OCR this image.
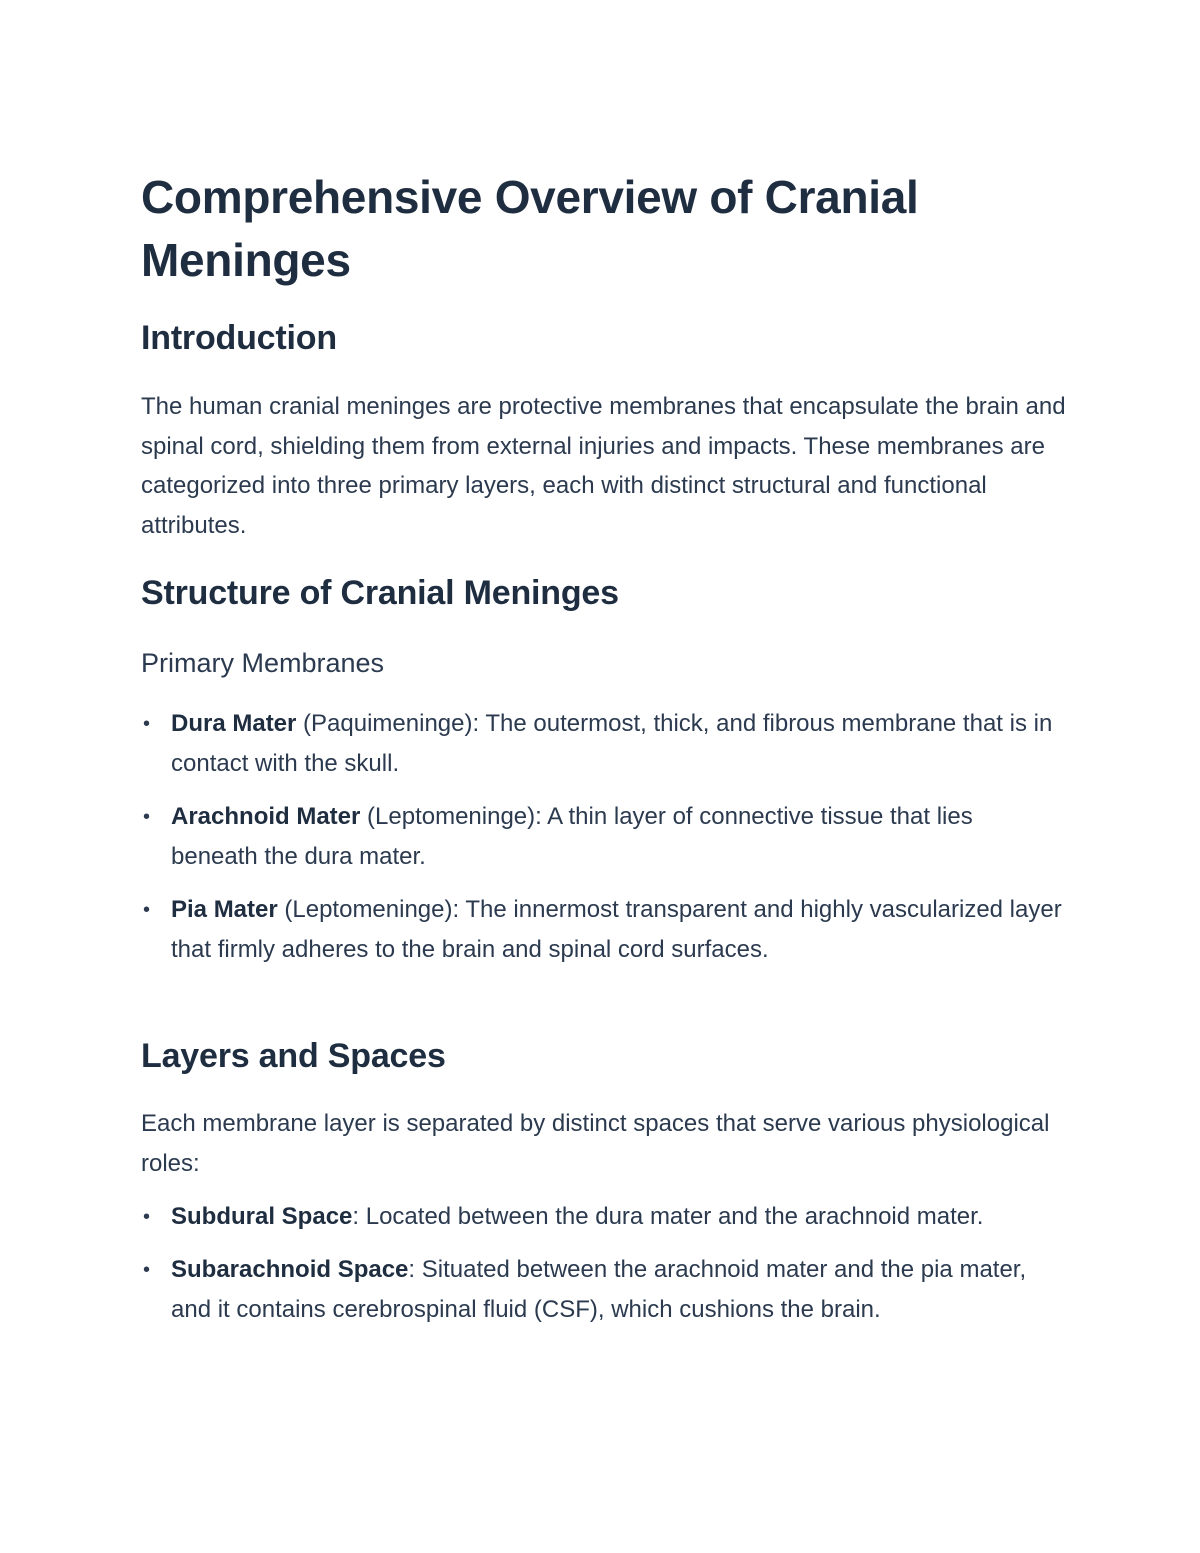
Comprehensive Overview of Cranial Meninges
Introduction

The human cranial meninges are protective membranes that encapsulate the brain and spinal cord, shielding them from external injuries and impacts. These membranes are categorized into three primary layers, each with distinct structural and functional attributes.

Structure of Cranial Meninges
Primary Membranes
• Dura Mater (Paquimeninge): The outermost, thick, and fibrous membrane that is in contact with the skull.
• Arachnoid Mater (Leptomeninge): A thin layer of connective tissue that lies beneath the dura mater.
• Pia Mater (Leptomeninge): The innermost transparent and highly vascularized layer that firmly adheres to the brain and spinal cord surfaces.
Layers and Spaces

Each membrane layer is separated by distinct spaces that serve various physiological roles:

• Subdural Space: Located between the dura mater and the arachnoid mater.
• Subarachnoid Space: Situated between the arachnoid mater and the pia mater, and it contains cerebrospinal fluid (CSF), which cushions the brain.
